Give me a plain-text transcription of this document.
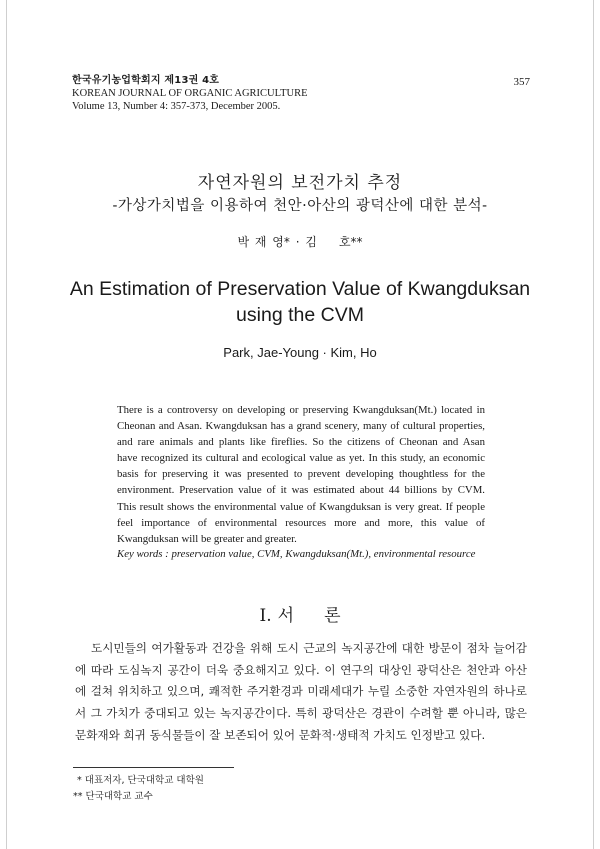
한국유기농업학회지 제13권 4호
KOREAN JOURNAL OF ORGANIC AGRICULTURE
Volume 13, Number 4: 357-373, December 2005.
357
자연자원의 보전가치 추정
-가상가치법을 이용하여 천안·아산의 광덕산에 대한 분석-
박 재 영* · 김 호**
An Estimation of Preservation Value of Kwangduksan
using the CVM
Park, Jae-Young · Kim, Ho
There is a controversy on developing or preserving Kwangduksan(Mt.) located in
Cheonan and Asan. Kwangduksan has a grand scenery, many of cultural properties,
and rare animals and plants like fireflies. So the citizens of Cheonan and Asan
have recognized its cultural and ecological value as yet. In this study, an economic
basis for preserving it was presented to prevent developing thoughtless for the
environment. Preservation value of it was estimated about 44 billions by CVM.
This result shows the environmental value of Kwangduksan is very great. If people
feel importance of environmental resources more and more, this value of
Kwangduksan will be greater and greater.
Key words : preservation value, CVM, Kwangduksan(Mt.), environmental resource
I. 서 론
도시민들의 여가활동과 건강을 위해 도시 근교의 녹지공간에 대한 방문이 점차 늘어감
에 따라 도심녹지 공간이 더욱 중요해지고 있다. 이 연구의 대상인 광덕산은 천안과 아산
에 걸쳐 위치하고 있으며, 쾌적한 주거환경과 미래세대가 누릴 소중한 자연자원의 하나로
서 그 가치가 중대되고 있는 녹지공간이다. 특히 광덕산은 경관이 수려할 뿐 아니라, 많은
문화재와 희귀 동식물들이 잘 보존되어 있어 문화적·생태적 가치도 인정받고 있다.
* 대표저자, 단국대학교 대학원
** 단국대학교 교수
